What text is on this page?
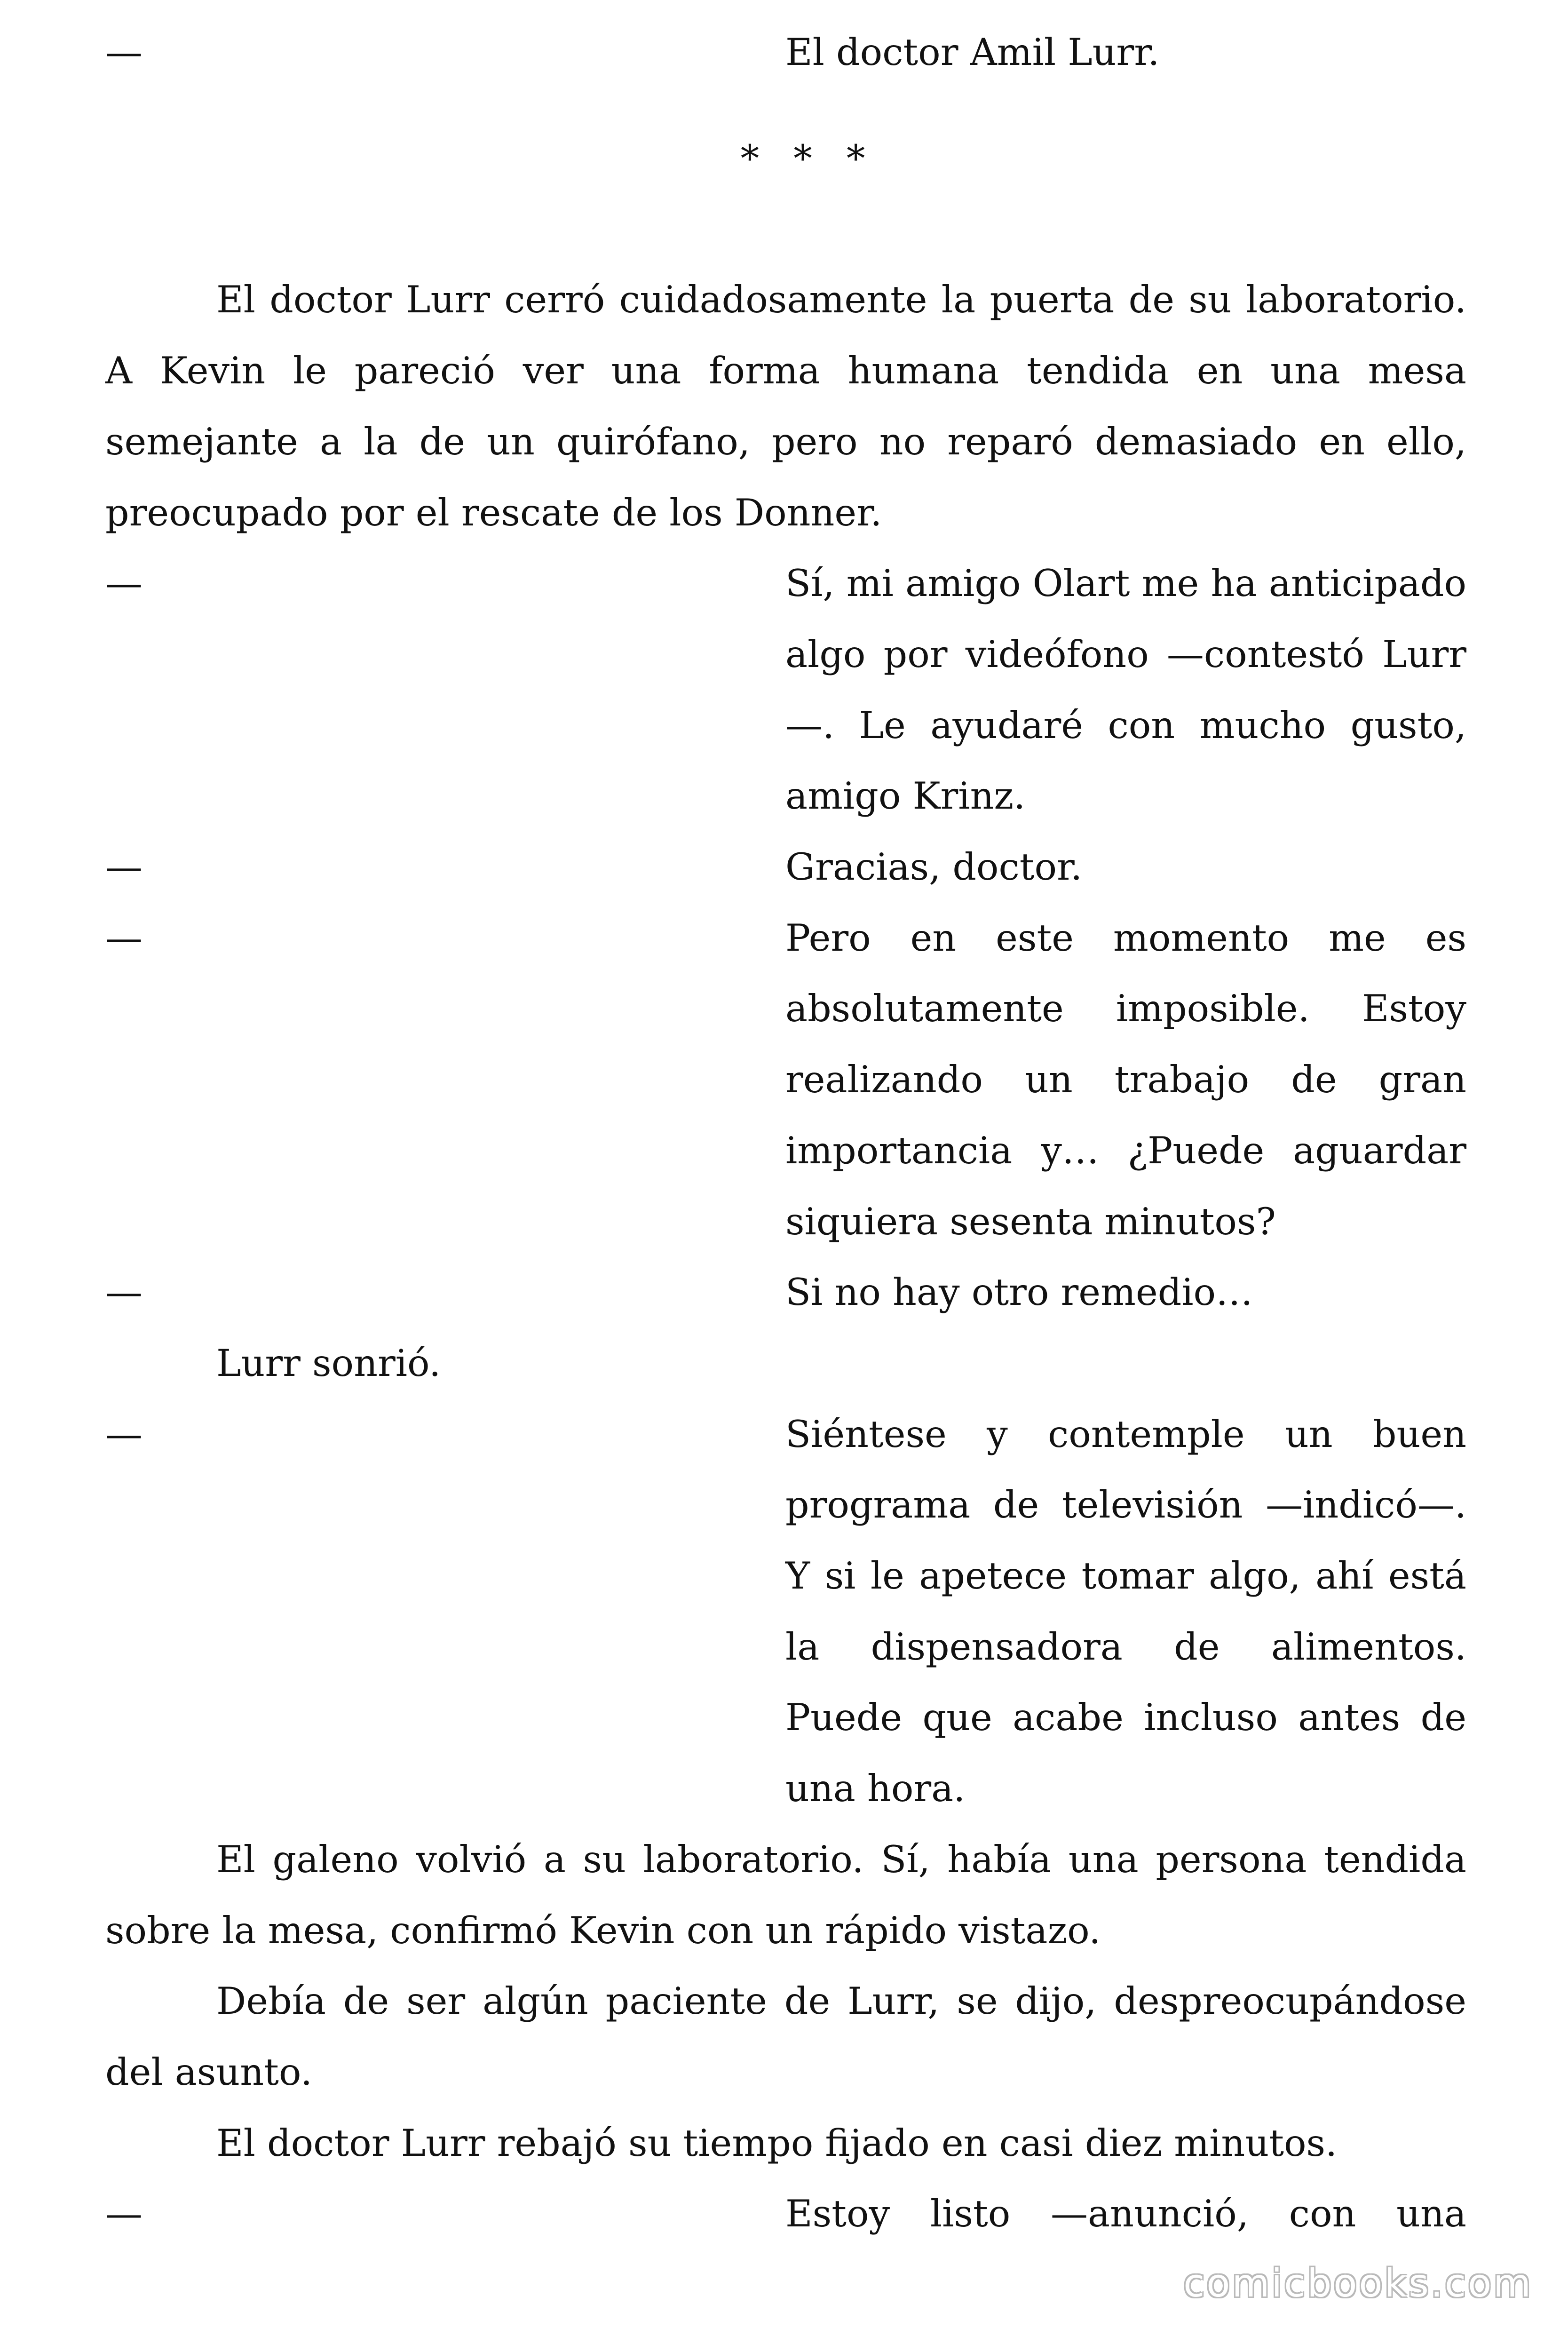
—	El doctor Amil Lurr.

* * *

El doctor Lurr cerró cuidadosamente la puerta de su laboratorio. A Kevin le pareció ver una forma humana tendida en una mesa semejante a la de un quirófano, pero no reparó demasiado en ello, preocupado por el rescate de los Donner.

—	Sí, mi amigo Olart me ha anticipado algo por videófono —contestó Lurr—. Le ayudaré con mucho gusto, amigo Krinz.
—	Gracias, doctor.
—	Pero en este momento me es absolutamente imposible. Estoy realizando un trabajo de gran importancia y… ¿Puede aguardar siquiera sesenta minutos?
—	Si no hay otro remedio…

Lurr sonrió.

—	Siéntese y contemple un buen programa de televisión —indicó—. Y si le apetece tomar algo, ahí está la dispensadora de alimentos. Puede que acabe incluso antes de una hora.

El galeno volvió a su laboratorio. Sí, había una persona tendida sobre la mesa, confirmó Kevin con un rápido vistazo.

Debía de ser algún paciente de Lurr, se dijo, despreocupándose del asunto.

El doctor Lurr rebajó su tiempo fijado en casi diez minutos.

—	Estoy listo —anunció, con una
comicbooks.com
